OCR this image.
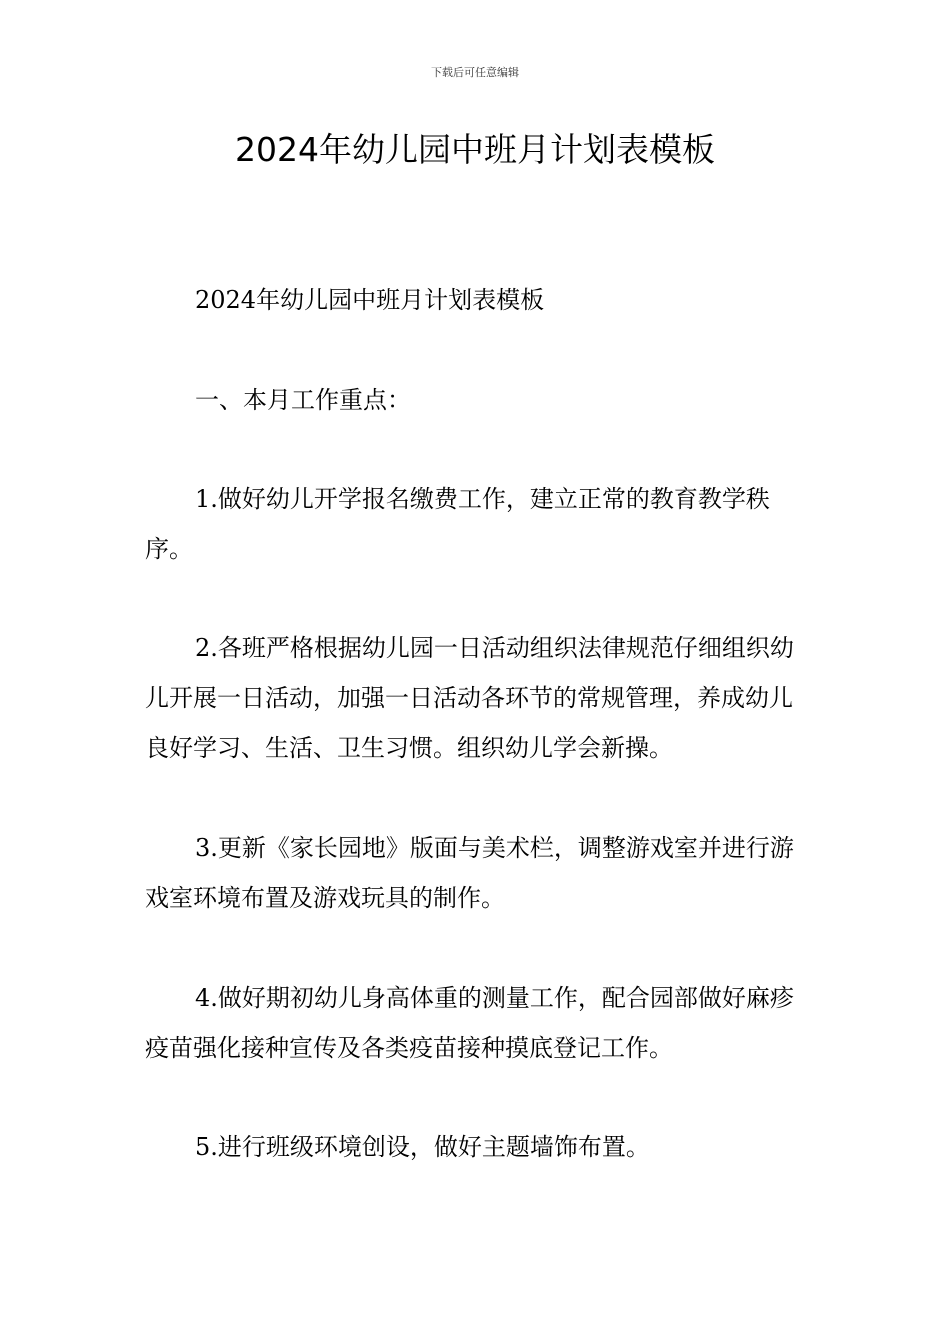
下载后可任意编辑
2024年幼儿园中班月计划表模板

2024年幼儿园中班月计划表模板

一、本月工作重点：

1.做好幼儿开学报名缴费工作，建立正常的教育教学秩序。

2.各班严格根据幼儿园一日活动组织法律规范仔细组织幼儿开展一日活动，加强一日活动各环节的常规管理，养成幼儿良好学习、生活、卫生习惯。组织幼儿学会新操。

3.更新《家长园地》版面与美术栏，调整游戏室并进行游戏室环境布置及游戏玩具的制作。

4.做好期初幼儿身高体重的测量工作，配合园部做好麻疹疫苗强化接种宣传及各类疫苗接种摸底登记工作。

5.进行班级环境创设，做好主题墙饰布置。
